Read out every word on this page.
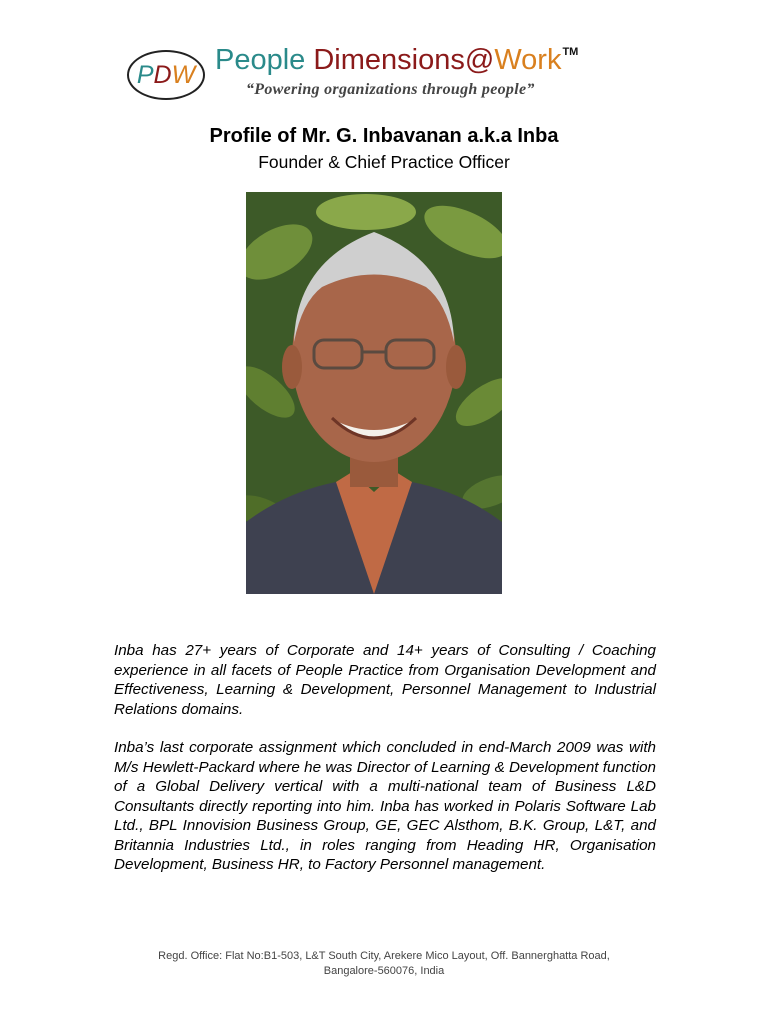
P D W People Dimensions@Work™
“Powering organizations through people”
Profile of Mr. G. Inbavanan a.k.a Inba
Founder & Chief Practice Officer

Inba has 27+ years of Corporate and 14+ years of Consulting / Coaching experience in all facets of People Practice from Organisation Development and Effectiveness, Learning & Development, Personnel Management to Industrial Relations domains.

Inba’s last corporate assignment which concluded in end-March 2009 was with M/s Hewlett-Packard where he was Director of Learning & Development function of a Global Delivery vertical with a multi-national team of Business L&D Consultants directly reporting into him. Inba has worked in Polaris Software Lab Ltd., BPL Innovision Business Group, GE, GEC Alsthom, B.K. Group, L&T, and Britannia Industries Ltd., in roles ranging from Heading HR, Organisation Development, Business HR, to Factory Personnel management.

Regd. Office: Flat No:B1-503, L&T South City, Arekere Mico Layout, Off. Bannerghatta Road,
Bangalore-560076, India
